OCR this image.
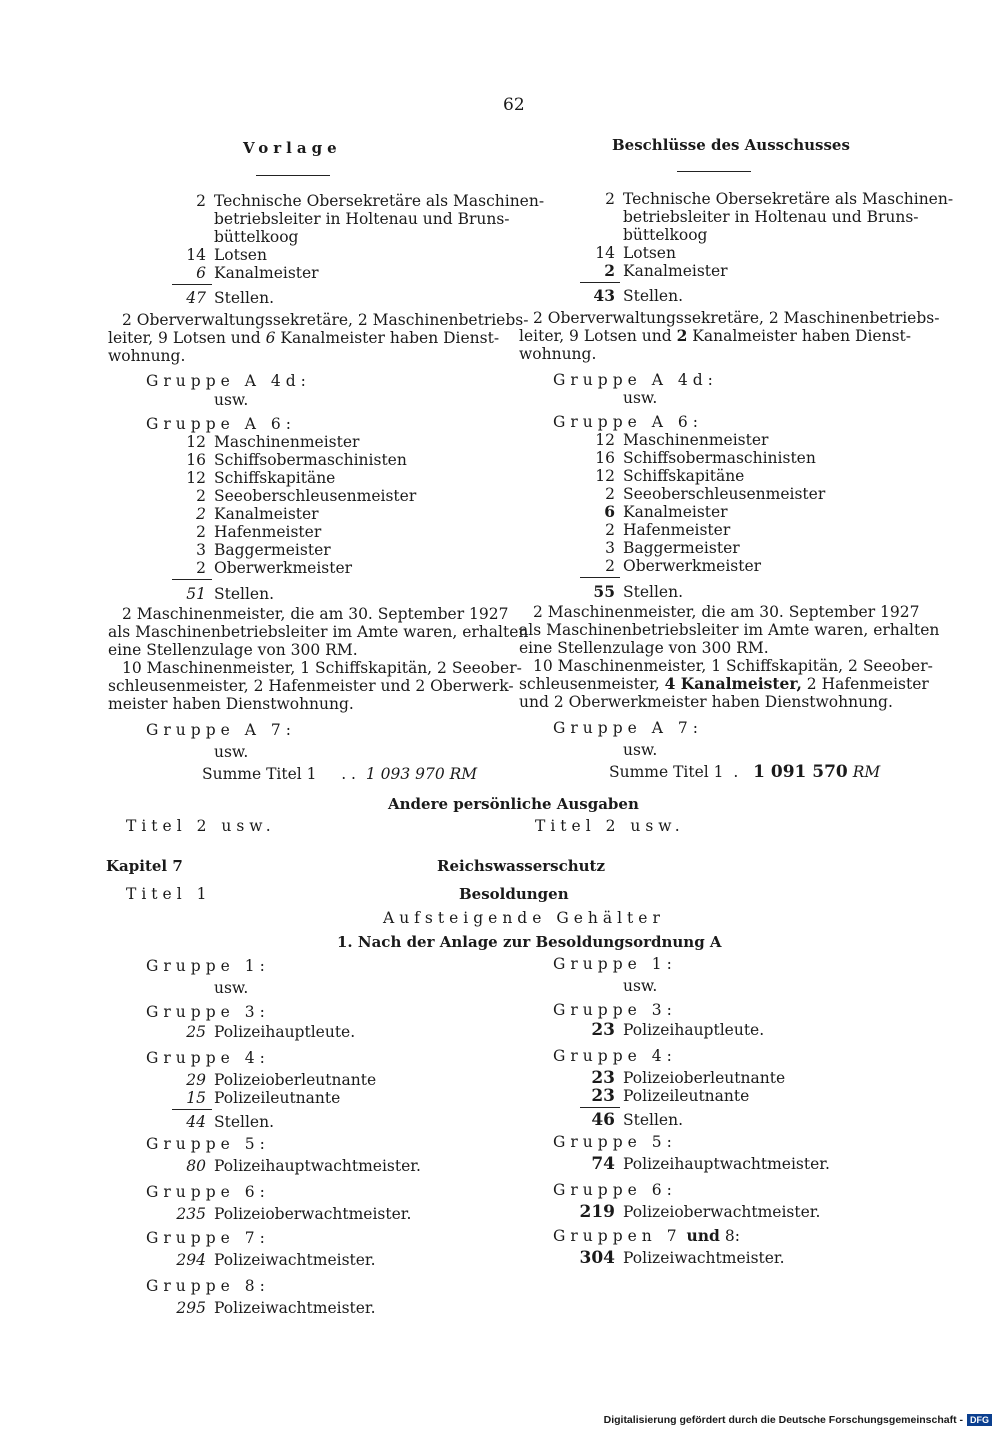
62
Vorlage	Beschlüsse des Ausschusses
2 Technische Obersekretäre als Maschinen-
betriebsleiter in Holtenau und Bruns-
büttelkoog
14 Lotsen
6 Kanalmeister
47 Stellen.
2 Oberverwaltungssekretäre, 2 Maschinenbetriebs-
leiter, 9 Lotsen und 6 Kanalmeister haben Dienst-
wohnung.
Gruppe A 4d:
usw.
Gruppe A 6:
12 Maschinenmeister
16 Schiffsobermaschinisten
12 Schiffskapitäne
2 Seeoberschleusenmeister
2 Kanalmeister
2 Hafenmeister
3 Baggermeister
2 Oberwerkmeister
51 Stellen.
2 Maschinenmeister, die am 30. September 1927
als Maschinenbetriebsleiter im Amte waren, erhalten
eine Stellenzulage von 300 RM.
10 Maschinenmeister, 1 Schiffskapitän, 2 Seeober-
schleusenmeister, 2 Hafenmeister und 2 Oberwerk-
meister haben Dienstwohnung.
Gruppe A 7:
usw.
Summe Titel 1 . . 1 093 970 RM
2 Technische Obersekretäre als Maschinen-
betriebsleiter in Holtenau und Bruns-
büttelkoog
14 Lotsen
2 Kanalmeister
43 Stellen.
2 Oberverwaltungssekretäre, 2 Maschinenbetriebs-
leiter, 9 Lotsen und 2 Kanalmeister haben Dienst-
wohnung.
Gruppe A 4d:
usw.
Gruppe A 6:
12 Maschinenmeister
16 Schiffsobermaschinisten
12 Schiffskapitäne
2 Seeoberschleusenmeister
6 Kanalmeister
2 Hafenmeister
3 Baggermeister
2 Oberwerkmeister
55 Stellen.
2 Maschinenmeister, die am 30. September 1927
als Maschinenbetriebsleiter im Amte waren, erhalten
eine Stellenzulage von 300 RM.
10 Maschinenmeister, 1 Schiffskapitän, 2 Seeober-
schleusenmeister, 4 Kanalmeister, 2 Hafenmeister
und 2 Oberwerkmeister haben Dienstwohnung.
Gruppe A 7:
usw.
Summe Titel 1 . 1 091 570 RM
Andere persönliche Ausgaben
Titel 2 usw.	Titel 2 usw.
Kapitel 7	Reichswasserschutz
Titel 1	Besoldungen
Aufsteigende Gehälter
1. Nach der Anlage zur Besoldungsordnung A
Gruppe 1:
usw.
Gruppe 3:
25 Polizeihauptleute.
Gruppe 4:
29 Polizeioberleutnante
15 Polizeileutnante
44 Stellen.
Gruppe 5:
80 Polizeihauptwachtmeister.
Gruppe 6:
235 Polizeioberwachtmeister.
Gruppe 7:
294 Polizeiwachtmeister.
Gruppe 8:
295 Polizeiwachtmeister.
Gruppe 1:
usw.
Gruppe 3:
23 Polizeihauptleute.
Gruppe 4:
23 Polizeioberleutnante
23 Polizeileutnante
46 Stellen.
Gruppe 5:
74 Polizeihauptwachtmeister.
Gruppe 6:
219 Polizeioberwachtmeister.
Gruppen 7 und 8:
304 Polizeiwachtmeister.
Digitalisierung gefördert durch die Deutsche Forschungsgemeinschaft - DFG
